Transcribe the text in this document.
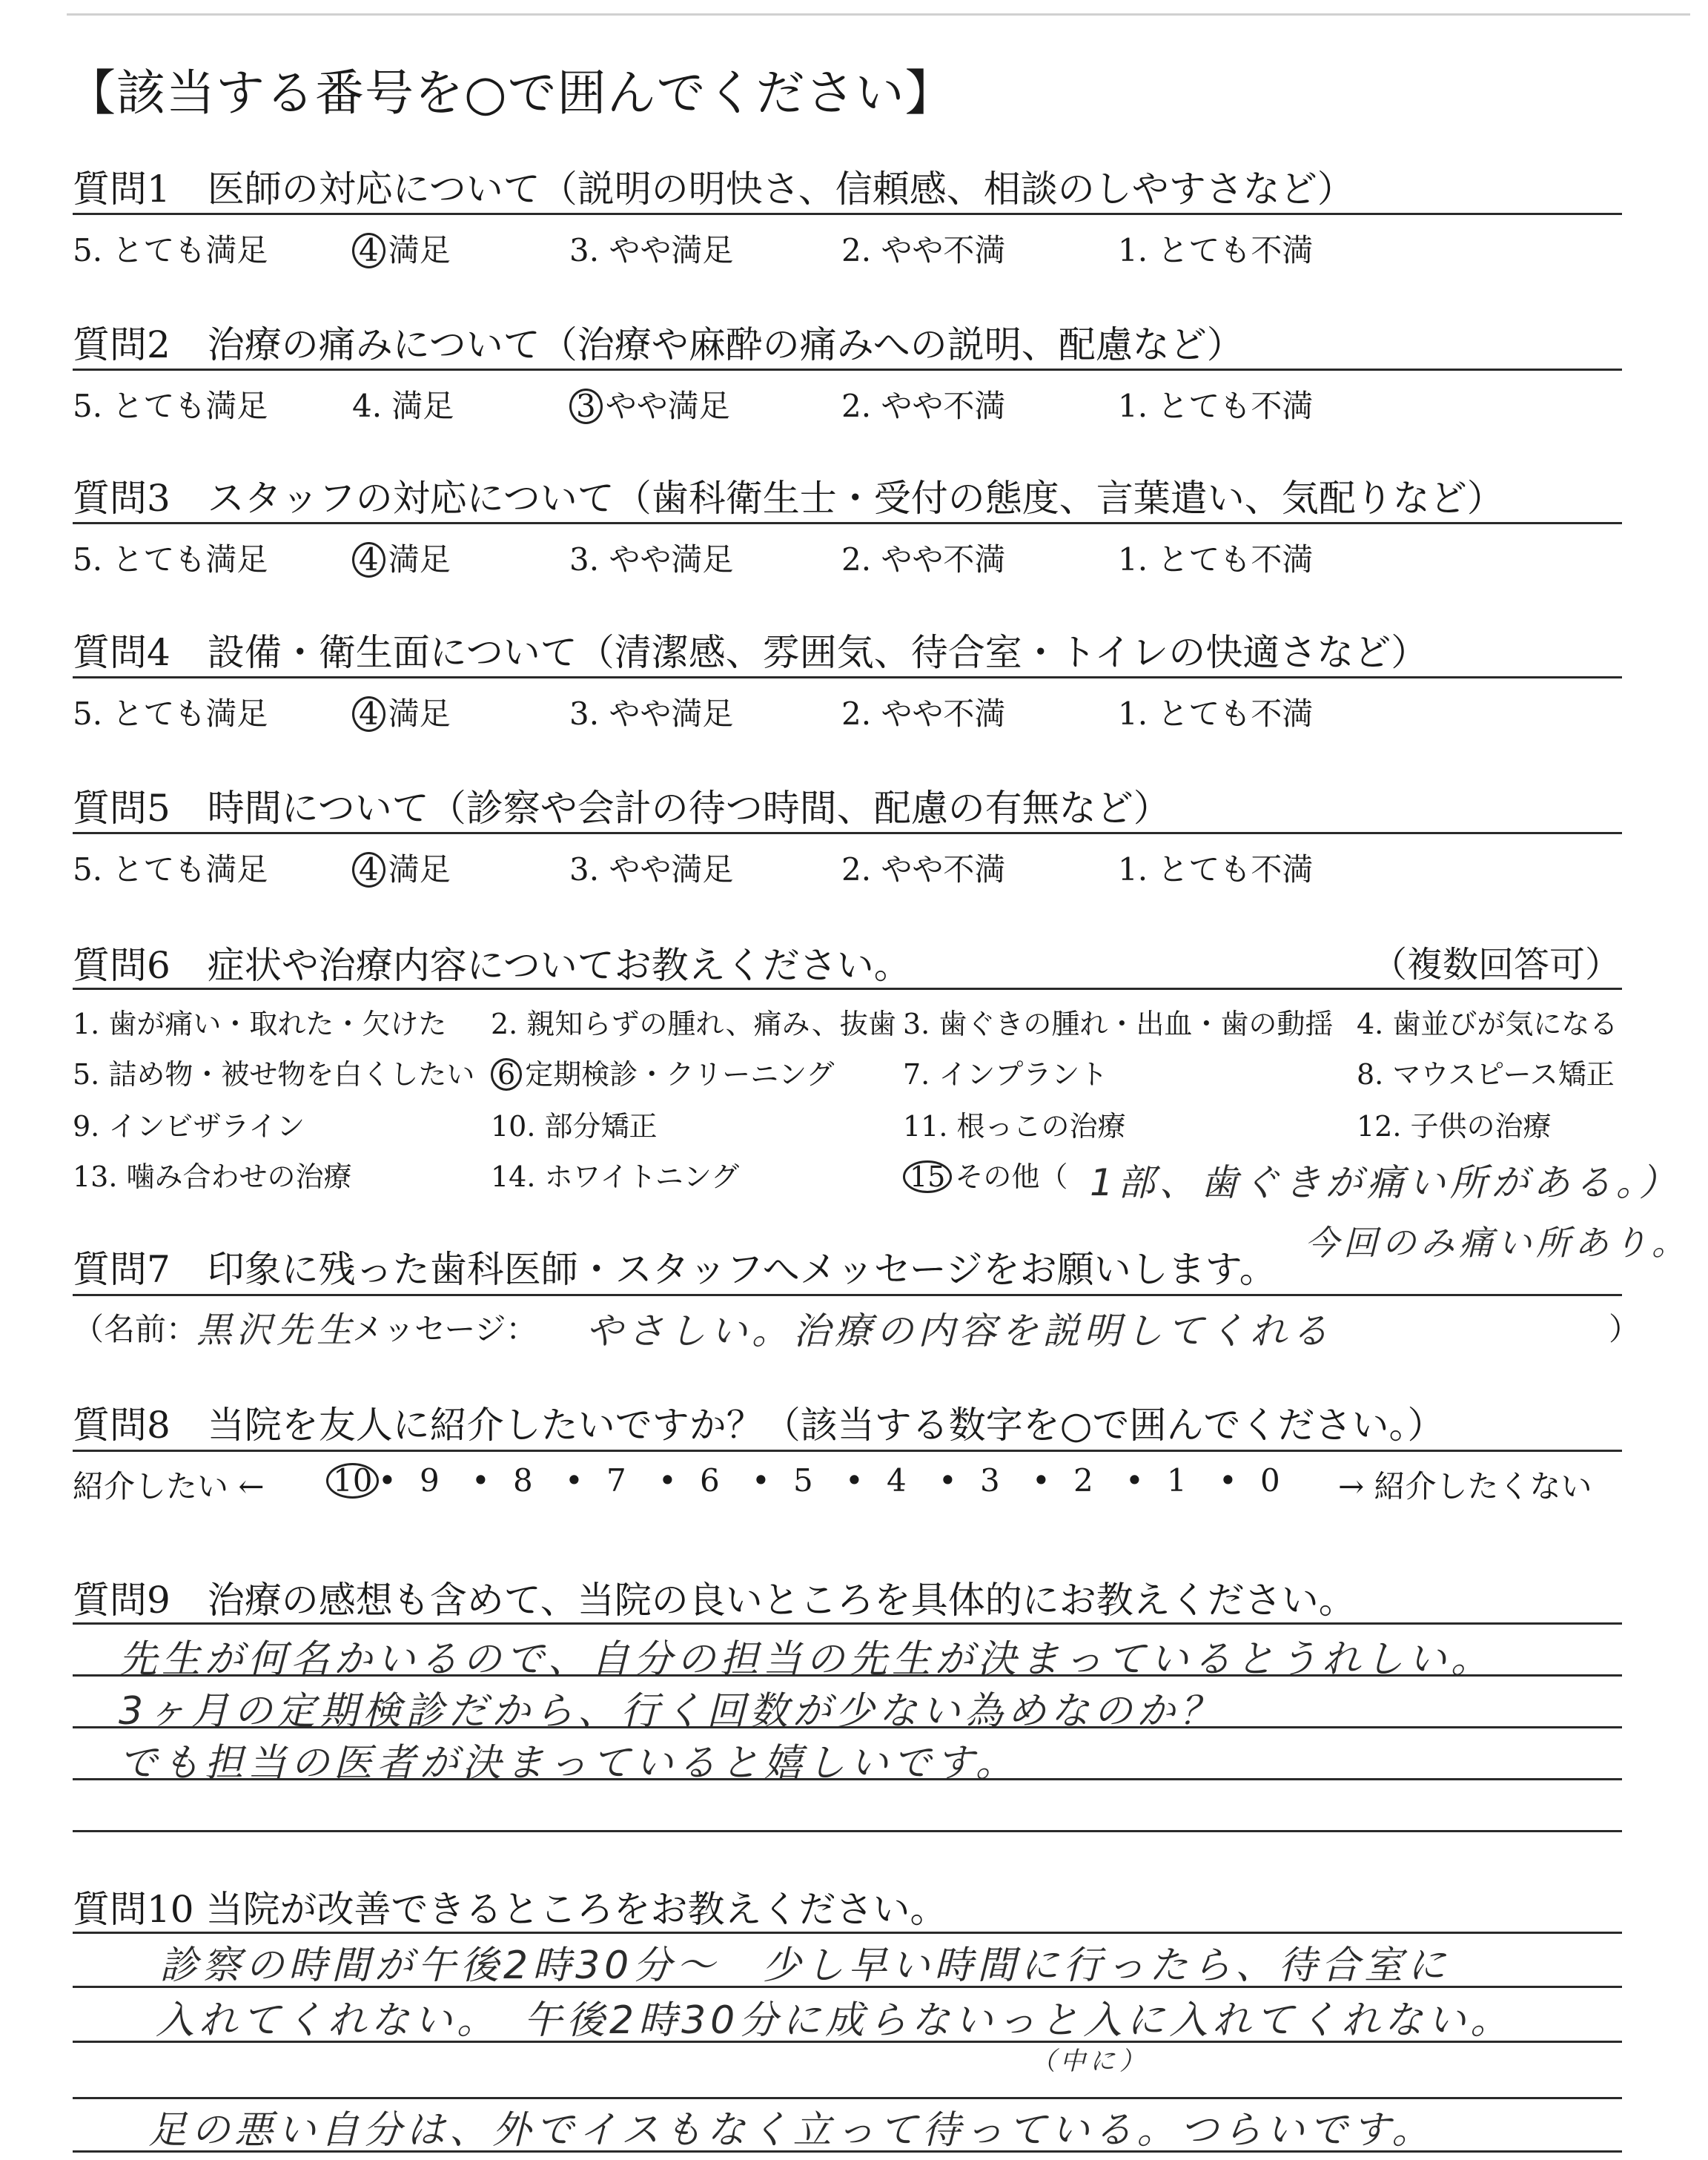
【該当する番号を○で囲んでください】
質問1　医師の対応について（説明の明快さ、信頼感、相談のしやすさなど）
5. とても満足	4 満足	3. やや満足	2. やや不満	1. とても不満
質問2　治療の痛みについて（治療や麻酔の痛みへの説明、配慮など）
5. とても満足	4. 満足	3 やや満足	2. やや不満	1. とても不満
質問3　スタッフの対応について（歯科衛生士・受付の態度、言葉遣い、気配りなど）
5. とても満足	4 満足	3. やや満足	2. やや不満	1. とても不満
質問4　設備・衛生面について（清潔感、雰囲気、待合室・トイレの快適さなど）
5. とても満足	4 満足	3. やや満足	2. やや不満	1. とても不満
質問5　時間について（診察や会計の待つ時間、配慮の有無など）
5. とても満足	4 満足	3. やや満足	2. やや不満	1. とても不満
質問6　症状や治療内容についてお教えください。	（複数回答可）
1. 歯が痛い・取れた・欠けた 2. 親知らずの腫れ、痛み、抜歯 3. 歯ぐきの腫れ・出血・歯の動揺 4. 歯並びが気になる
5. 詰め物・被せ物を白くしたい 6 定期検診・クリーニング 7. インプラント	8. マウスピース矯正
9. インビザライン	10. 部分矯正	11. 根っこの治療	12. 子供の治療
13. 噛み合わせの治療	14. ホワイトニング	15 その他（ 1部、歯ぐきが痛い所がある。）
今回のみ痛い所あり。
質問7　印象に残った歯科医師・スタッフへメッセージをお願いします。
（名前：
黒沢先生
メッセージ： やさしい。治療の内容を説明してくれる	）
質問8　当院を友人に紹介したいですか？（該当する数字を○で囲んでください。）
紹介したい ← 10 • 9 • 8 • 7 • 6 • 5 • 4 • 3 • 2 • 1 • 0 → 紹介したくない
質問9　治療の感想も含めて、当院の良いところを具体的にお教えください。
先生が何名かいるので、自分の担当の先生が決まっているとうれしい。
3ヶ月の定期検診だから、行く回数が少ない為めなのか？
でも担当の医者が決まっていると嬉しいです。
質問10 当院が改善できるところをお教えください。
診察の時間が午後2時30分〜　少し早い時間に行ったら、待合室に
入れてくれない。　午後2時30分に成らないっと入に入れてくれない。
（中に）
足の悪い自分は、外でイスもなく立って待っている。つらいです。
